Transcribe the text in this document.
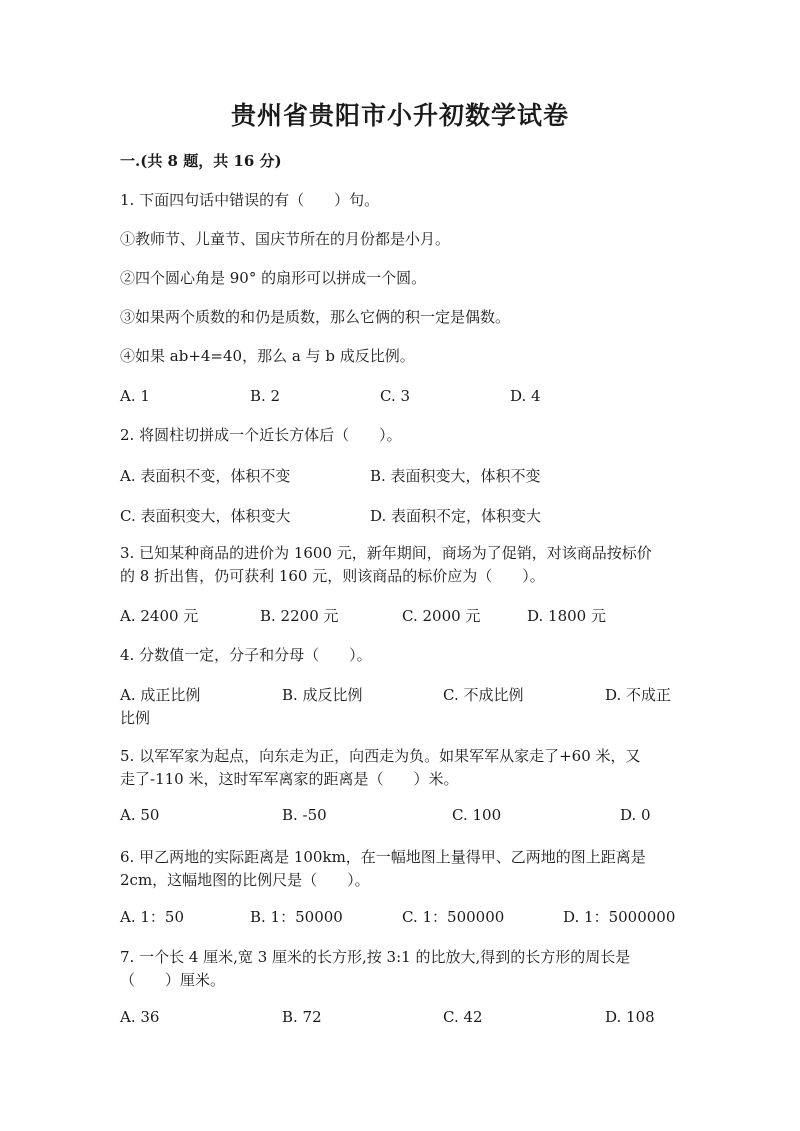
贵州省贵阳市小升初数学试卷
一.(共 8 题，共 16 分)
1. 下面四句话中错误的有（　　）句。
①教师节、儿童节、国庆节所在的月份都是小月。
②四个圆心角是 90° 的扇形可以拼成一个圆。
③如果两个质数的和仍是质数，那么它俩的积一定是偶数。
④如果 ab+4=40，那么 a 与 b 成反比例。
A. 1	B. 2	C. 3	D. 4
2. 将圆柱切拼成一个近长方体后（　　）。
A. 表面积不变，体积不变	B. 表面积变大，体积不变
C. 表面积变大，体积变大	D. 表面积不定，体积变大
3. 已知某种商品的进价为 1600 元，新年期间，商场为了促销，对该商品按标价
的 8 折出售，仍可获利 160 元，则该商品的标价应为（　　）。
A. 2400 元	B. 2200 元	C. 2000 元	D. 1800 元
4. 分数值一定，分子和分母（　　）。
A. 成正比例	B. 成反比例	C. 不成比例	D. 不成正
比例
5. 以军军家为起点，向东走为正，向西走为负。如果军军从家走了+60 米，又
走了-110 米，这时军军离家的距离是（　　）米。
A. 50	B. -50	C. 100	D. 0
6. 甲乙两地的实际距离是 100km，在一幅地图上量得甲、乙两地的图上距离是
2cm，这幅地图的比例尺是（　　）。
A. 1：50	B. 1：50000	C. 1：500000	D. 1：5000000
7. 一个长 4 厘米,宽 3 厘米的长方形,按 3:1 的比放大,得到的长方形的周长是
（　　）厘米。
A. 36	B. 72	C. 42	D. 108
